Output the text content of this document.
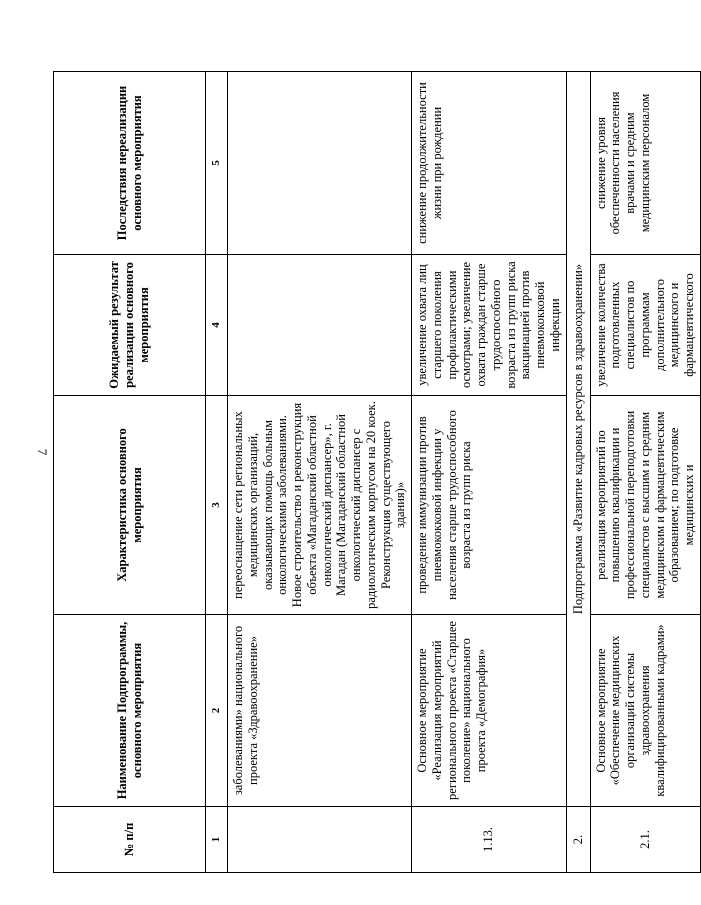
7
№ п/п	Наименование Подпрограммы, основного мероприятия	Характеристика основного мероприятия	Ожидаемый результат реализации основного мероприятия	Последствия нереализации основного мероприятия
1	2	3	4	5
	заболеваниями» национального проекта «Здравоохранение»	переоснащение сети региональных медицинских организаций, оказывающих помощь больным онкологическими заболеваниями. Новое строительство и реконструкция объекта «Магаданский областной онкологический диспансер», г. Магадан (Магаданский областной онкологический диспансер с радиологическим корпусом на 20 коек. Реконструкция существующего здания)»		
1.13.	Основное мероприятие «Реализация мероприятий регионального проекта «Старшее поколение» национального проекта «Демография»	проведение иммунизации против пневмококковой инфекции у населения старше трудоспособного возраста из групп риска	увеличение охвата лиц старшего поколения профилактическими осмотрами; увеличение охвата граждан старше трудоспособного возраста из групп риска вакцинацией против пневмококковой инфекции	снижение продолжительности жизни при рождении
2.	Подпрограмма «Развитие кадровых ресурсов в здравоохранении»			
2.1.	Основное мероприятие «Обеспечение медицинских организаций системы здравоохранения квалифицированными кадрами»	реализация мероприятий по повышению квалификации и профессиональной переподготовки специалистов с высшим и средним медицинским и фармацевтическим образованием; по подготовке медицинских и	увеличение количества подготовленных специалистов по программам дополнительного медицинского и фармацевтического	снижение уровня обеспеченности населения врачами и средним медицинским персоналом
